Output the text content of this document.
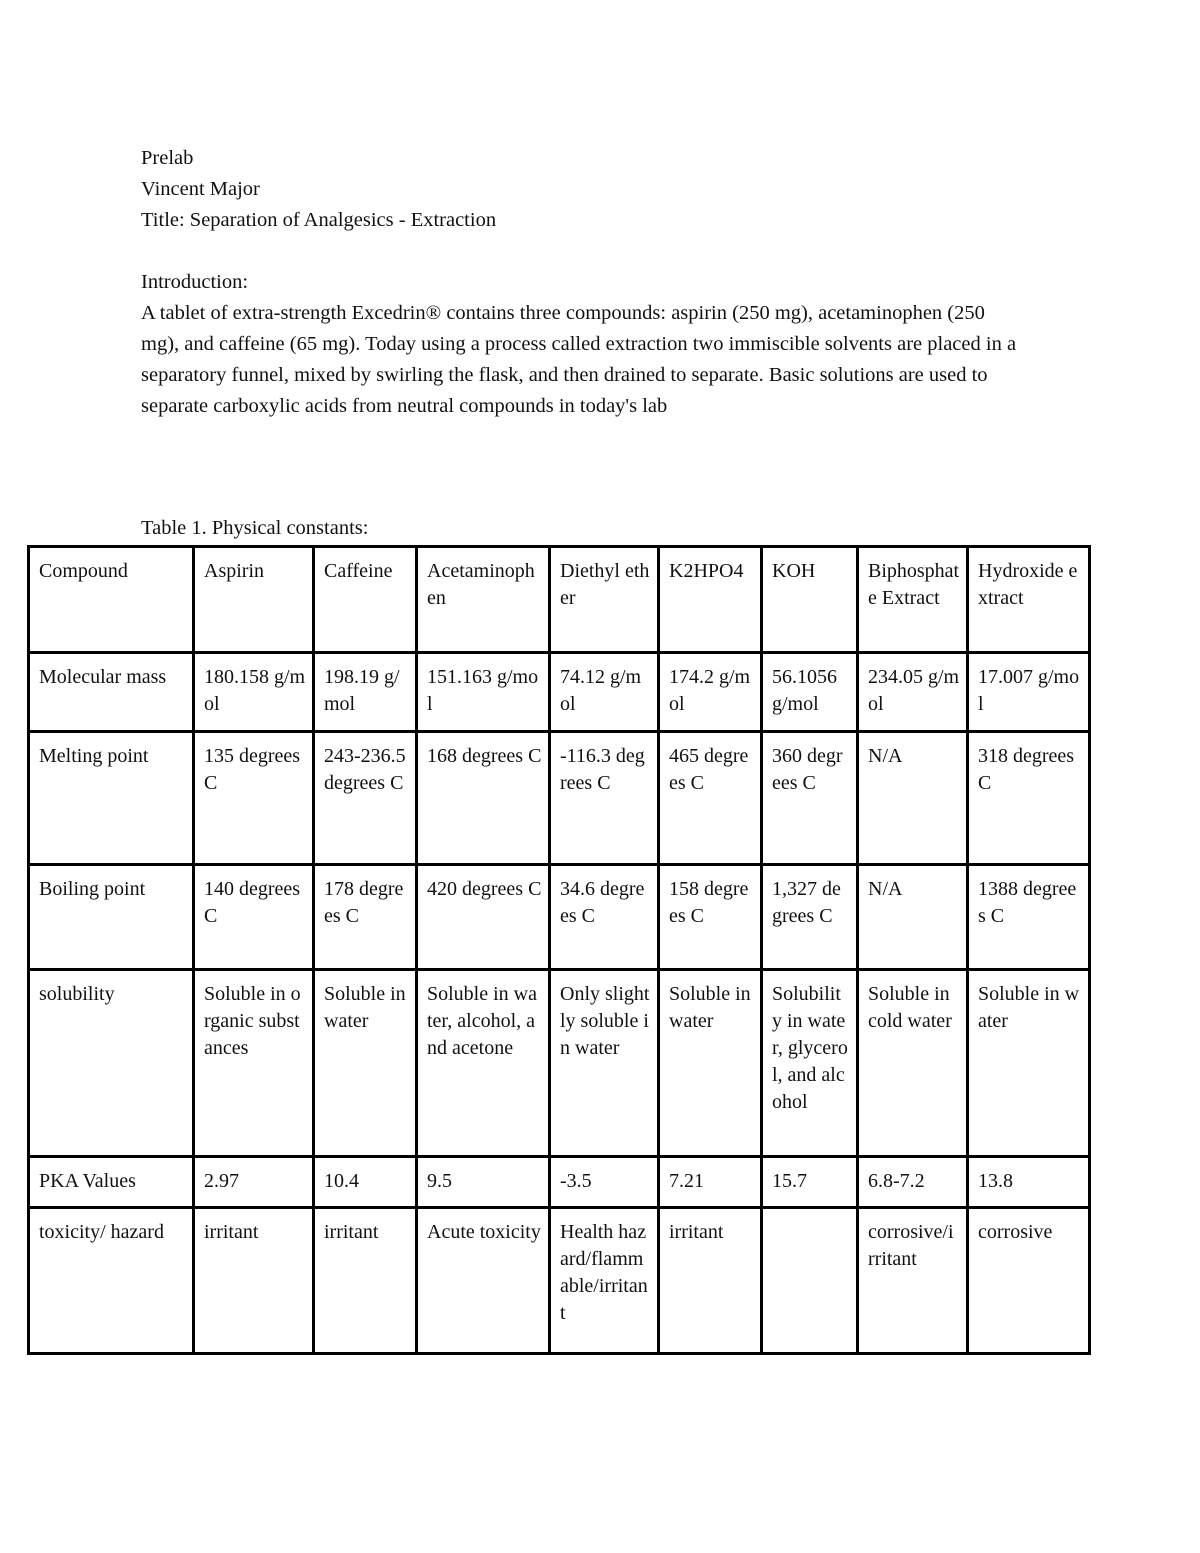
Prelab
Vincent Major
Title: Separation of Analgesics - Extraction
Introduction:
A tablet of extra-strength Excedrin® contains three compounds: aspirin (250 mg), acetaminophen (250 mg), and caffeine (65 mg). Today using a process called extraction two immiscible solvents are placed in a separatory funnel, mixed by swirling the flask, and then drained to separate. Basic solutions are used to separate carboxylic acids from neutral compounds in today's lab
Table 1. Physical constants:
Compound	Aspirin	Caffeine	Acetaminophen	Diethyl ether	K2HPO4	KOH	Biphosphate Extract	Hydroxide extract
Molecular mass	180.158 g/mol	198.19 g/mol	151.163 g/mol	74.12 g/mol	174.2 g/mol	56.1056 g/mol	234.05 g/mol	17.007 g/mol
Melting point	135 degrees C	243-236.5 degrees C	168 degrees C	-116.3 degrees C	465 degrees C	360 degrees C	N/A	318 degrees C
Boiling point	140 degrees C	178 degrees C	420 degrees C	34.6 degrees C	158 degrees C	1,327 degrees C	N/A	1388 degrees C
solubility	Soluble in organic substances	Soluble in water	Soluble in water, alcohol, and acetone	Only slightly soluble in water	Soluble in water	Solubility in water, glycerol, and alcohol	Soluble in cold water	Soluble in water
PKA Values	2.97	10.4	9.5	-3.5	7.21	15.7	6.8-7.2	13.8
toxicity/ hazard	irritant	irritant	Acute toxicity	Health hazard/flammable/irritant	irritant		corrosive/irritant	corrosive
